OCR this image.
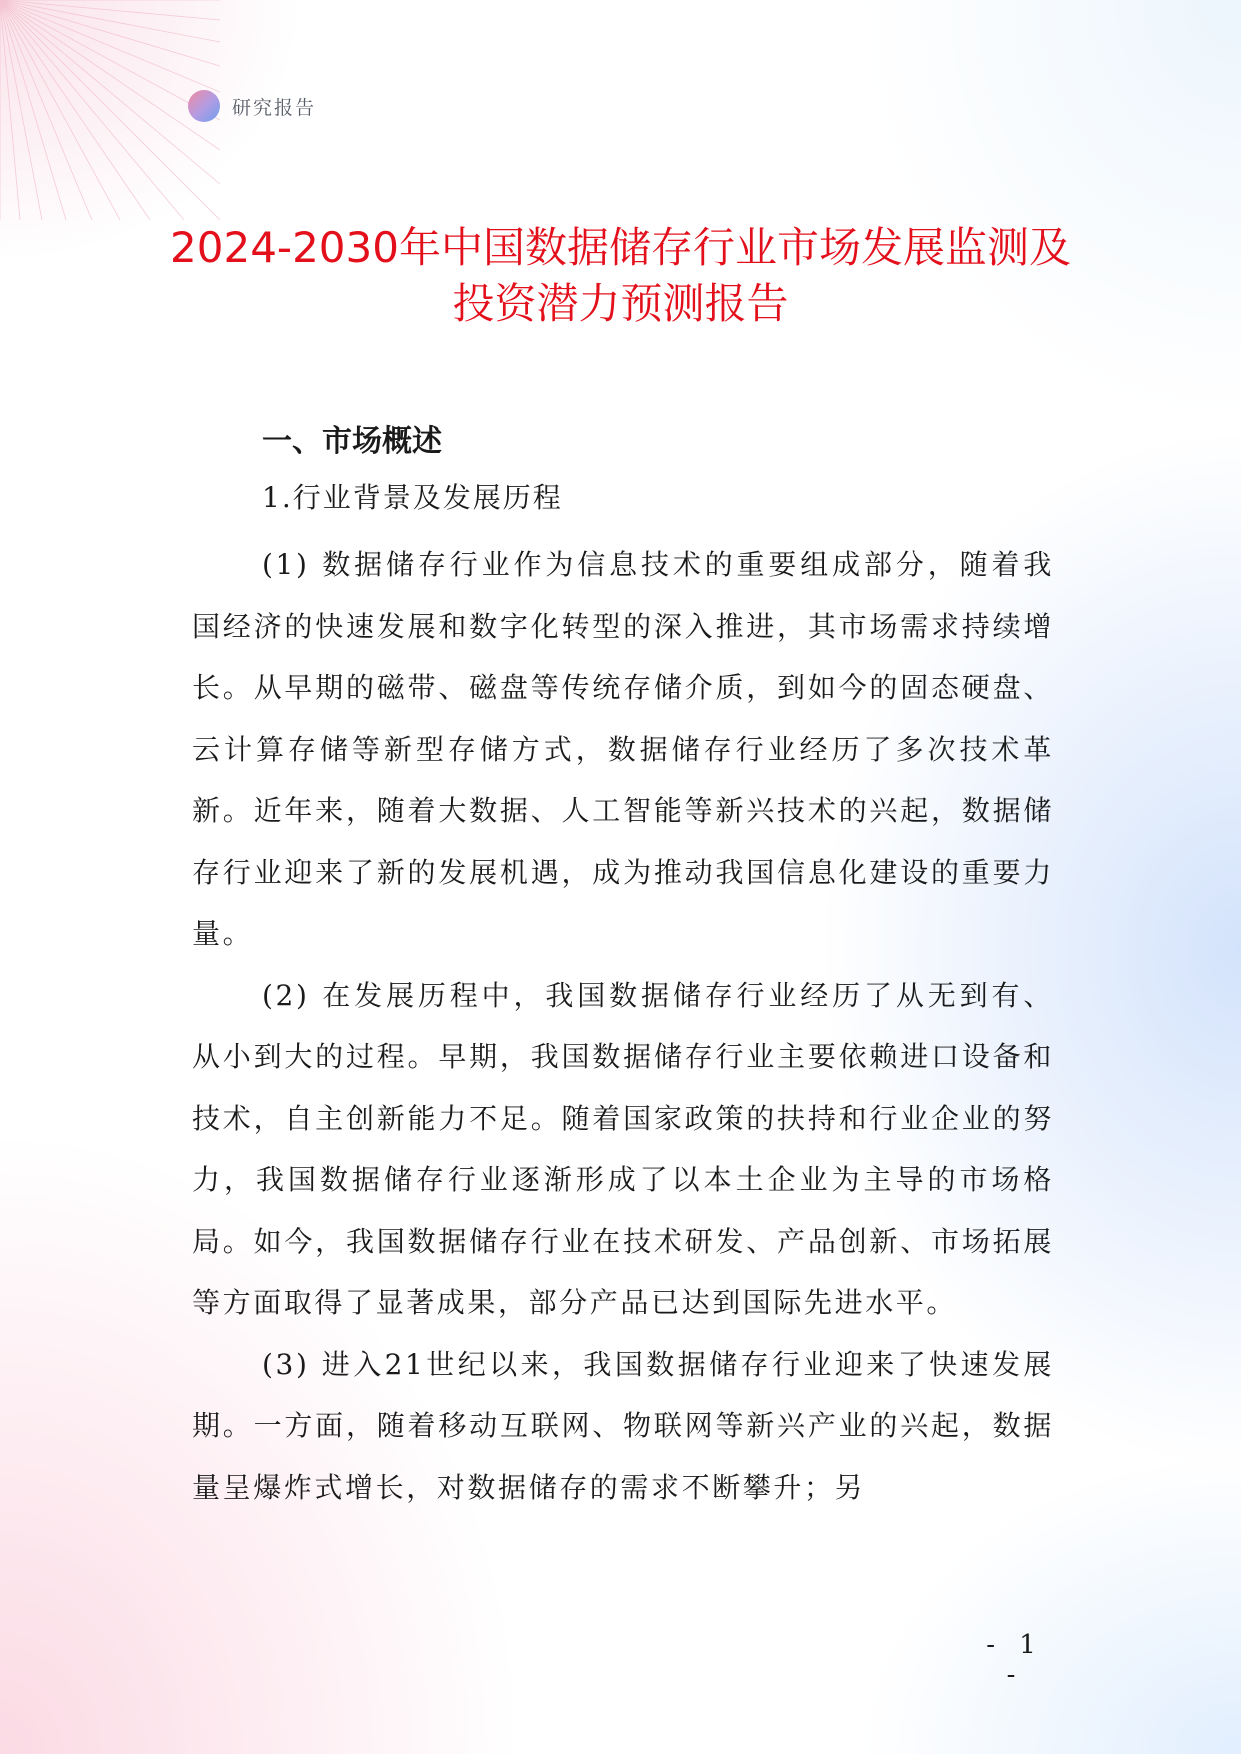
研究报告
2024-2030年中国数据储存行业市场发展监测及投资潜力预测报告
一、市场概述
1.行业背景及发展历程

(1) 数据储存行业作为信息技术的重要组成部分，随着我国经济的快速发展和数字化转型的深入推进，其市场需求持续增长。从早期的磁带、磁盘等传统存储介质，到如今的固态硬盘、云计算存储等新型存储方式，数据储存行业经历了多次技术革新。近年来，随着大数据、人工智能等新兴技术的兴起，数据储存行业迎来了新的发展机遇，成为推动我国信息化建设的重要力量。

(2) 在发展历程中，我国数据储存行业经历了从无到有、从小到大的过程。早期，我国数据储存行业主要依赖进口设备和技术，自主创新能力不足。随着国家政策的扶持和行业企业的努力，我国数据储存行业逐渐形成了以本土企业为主导的市场格局。如今，我国数据储存行业在技术研发、产品创新、市场拓展等方面取得了显著成果，部分产品已达到国际先进水平。

(3) 进入21世纪以来，我国数据储存行业迎来了快速发展期。一方面，随着移动互联网、物联网等新兴产业的兴起，数据量呈爆炸式增长，对数据储存的需求不断攀升；另

- 1 -
